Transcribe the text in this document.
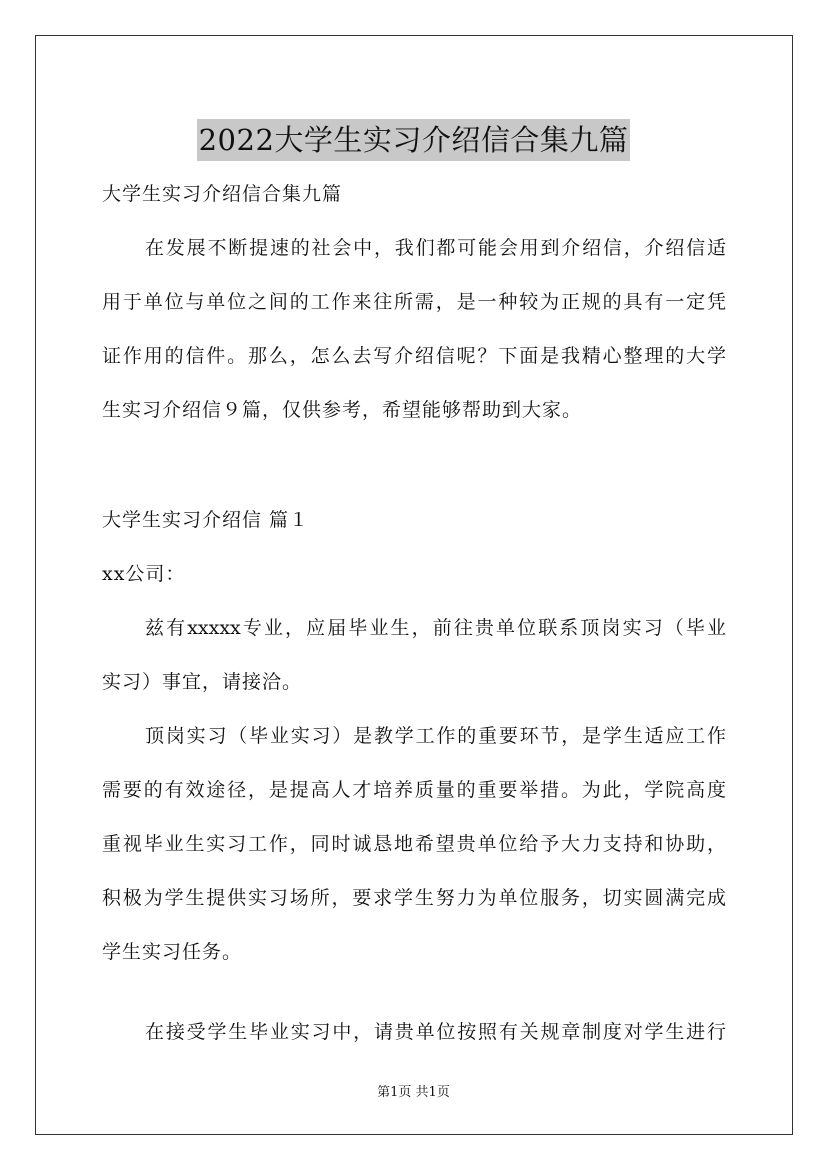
2022大学生实习介绍信合集九篇
大学生实习介绍信合集九篇
在发展不断提速的社会中，我们都可能会用到介绍信，介绍信适
用于单位与单位之间的工作来往所需，是一种较为正规的具有一定凭
证作用的信件。那么，怎么去写介绍信呢？下面是我精心整理的大学
生实习介绍信９篇，仅供参考，希望能够帮助到大家。
大学生实习介绍信 篇１
xx公司：
兹有xxxxx专业，应届毕业生，前往贵单位联系顶岗实习（毕业
实习）事宜，请接洽。
顶岗实习（毕业实习）是教学工作的重要环节，是学生适应工作
需要的有效途径，是提高人才培养质量的重要举措。为此，学院高度
重视毕业生实习工作，同时诚恳地希望贵单位给予大力支持和协助，
积极为学生提供实习场所，要求学生努力为单位服务，切实圆满完成
学生实习任务。
在接受学生毕业实习中，请贵单位按照有关规章制度对学生进行
第1页 共1页
